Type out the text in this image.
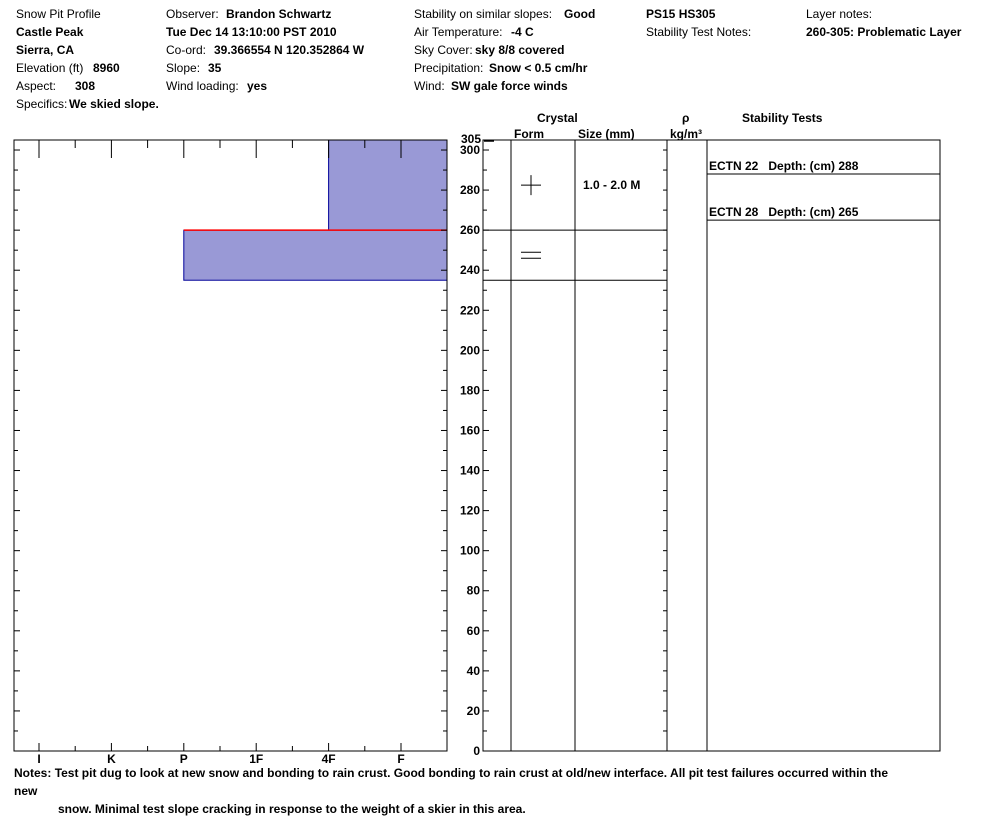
Snow Pit Profile
Castle Peak
Sierra, CA
Elevation (ft) 8960
Aspect: 308
Specifics: We skied slope.
Observer: Brandon Schwartz
Tue Dec 14 13:10:00 PST 2010
Co-ord: 39.366554 N 120.352864 W
Slope: 35
Wind loading: yes
Stability on similar slopes: Good
Air Temperature: -4 C
Sky Cover: sky 8/8 covered
Precipitation: Snow < 0.5 cm/hr
Wind: SW gale force winds
PS15 HS305
Stability Test Notes:
Layer notes:
260-305: Problematic Layer
Crystal
Form	Size (mm)
ρ
kg/m³
Stability Tests
I	K	P	1F	4F	F
0
20
40
60
80
100
120
140
160
180
200
220
240
260
280
300
305
1.0 - 2.0 M
ECTN 22   Depth: (cm) 288
ECTN 28   Depth: (cm) 265
Notes: Test pit dug to look at new snow and bonding to rain crust. Good bonding to rain crust at old/new interface. All pit test failures occurred within the new
snow. Minimal test slope cracking in response to the weight of a skier in this area.
